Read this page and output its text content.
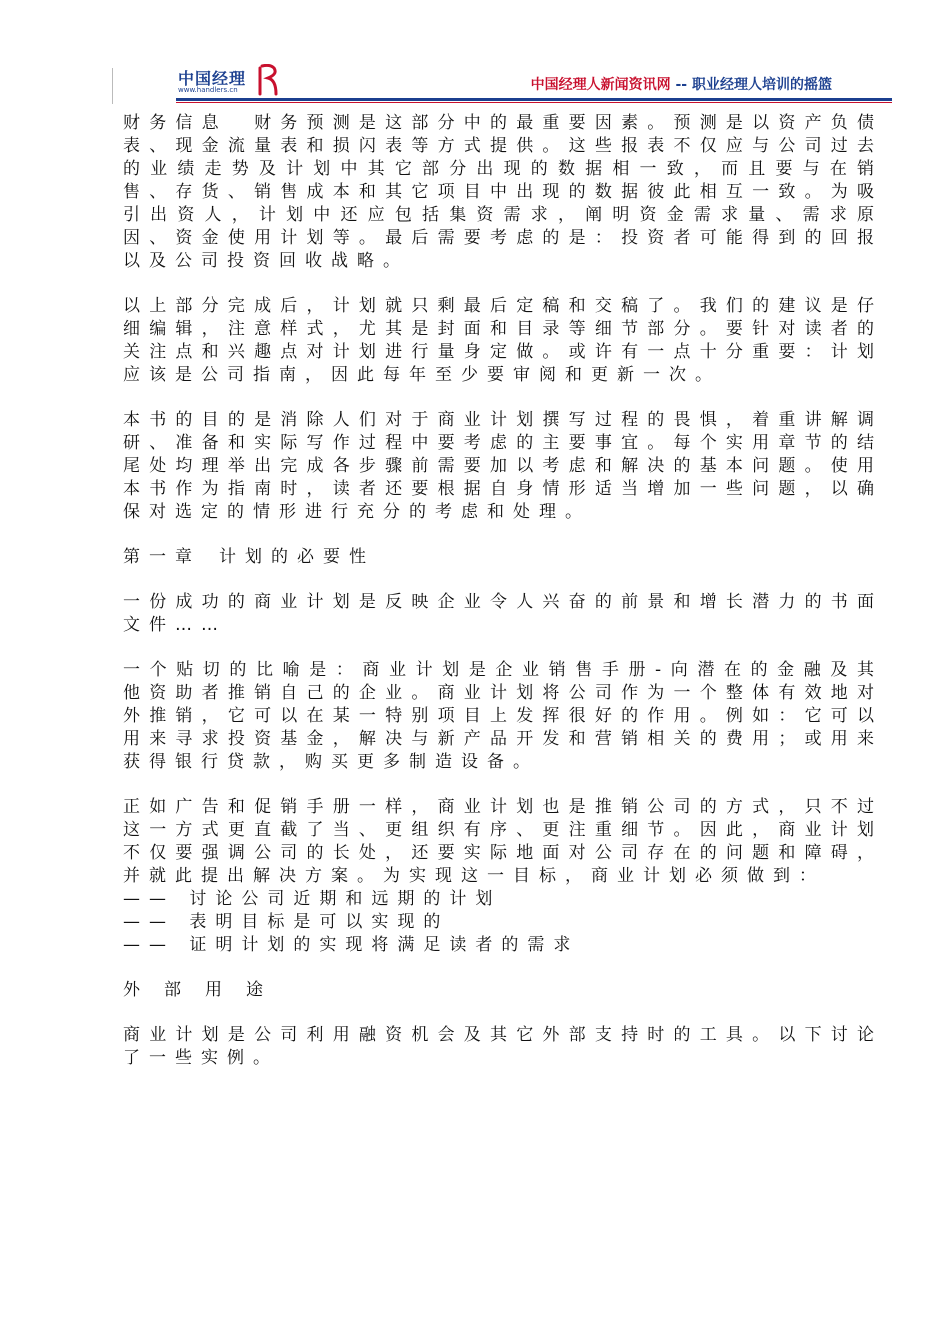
中国经理
www.handlers.cn	中国经理人新闻资讯网 -- 职业经理人培训的摇篮

财务信息　财务预测是这部分中的最重要因素。预测是以资产负债表、现金流量表和损闪表等方式提供。这些报表不仅应与公司过去的业绩走势及计划中其它部分出现的数据相一致，而且要与在销售、存货、销售成本和其它项目中出现的数据彼此相互一致。为吸引出资人，计划中还应包括集资需求，阐明资金需求量、需求原因、资金使用计划等。最后需要考虑的是：投资者可能得到的回报以及公司投资回收战略。

以上部分完成后，计划就只剩最后定稿和交稿了。我们的建议是仔细编辑，注意样式，尤其是封面和目录等细节部分。要针对读者的关注点和兴趣点对计划进行量身定做。或许有一点十分重要：计划应该是公司指南，因此每年至少要审阅和更新一次。

本书的目的是消除人们对于商业计划撰写过程的畏惧，着重讲解调研、准备和实际写作过程中要考虑的主要事宜。每个实用章节的结尾处均理举出完成各步骤前需要加以考虑和解决的基本问题。使用本书作为指南时，读者还要根据自身情形适当增加一些问题，以确保对选定的情形进行充分的考虑和处理。

第一章 计划的必要性

一份成功的商业计划是反映企业令人兴奋的前景和增长潜力的书面文件……

一个贴切的比喻是：商业计划是企业销售手册-向潜在的金融及其他资助者推销自己的企业。商业计划将公司作为一个整体有效地对外推销，它可以在某一特别项目上发挥很好的作用。例如：它可以用来寻求投资基金，解决与新产品开发和营销相关的费用；或用来获得银行贷款，购买更多制造设备。

正如广告和促销手册一样，商业计划也是推销公司的方式，只不过这一方式更直截了当、更组织有序、更注重细节。因此，商业计划不仅要强调公司的长处，还要实际地面对公司存在的问题和障碍，并就此提出解决方案。为实现这一目标，商业计划必须做到：

—— 讨论公司近期和远期的计划
—— 表明目标是可以实现的
—— 证明计划的实现将满足读者的需求
外部用途

商业计划是公司利用融资机会及其它外部支持时的工具。以下讨论了一些实例。
